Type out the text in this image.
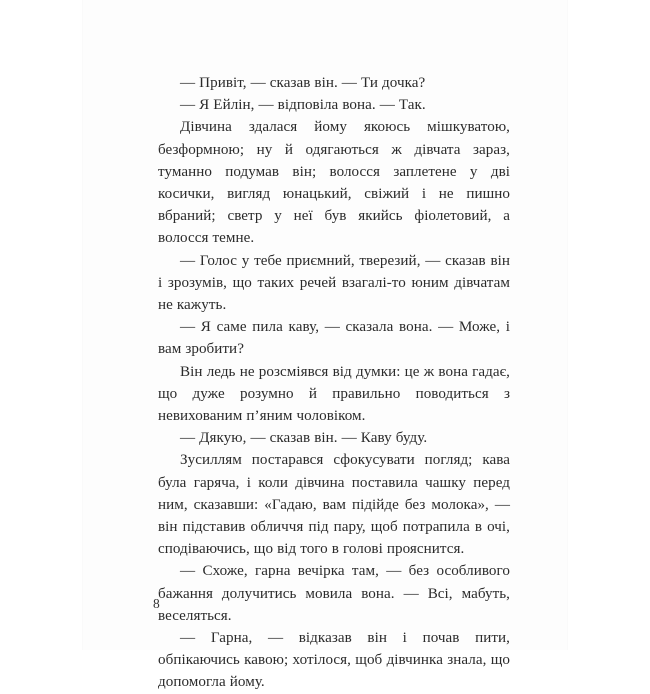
— Привіт, — сказав він. — Ти дочка?

— Я Ейлін, — відповіла вона. — Так.

Дівчина здалася йому якоюсь мішкуватою, безформною; ну й одягаються ж дівчата зараз, туманно подумав він; волосся заплетене у дві косички, вигляд юнацький, свіжий і не пишно вбраний; светр у неї був якийсь фіолетовий, а волосся темне.

— Голос у тебе приємний, тверезий, — сказав він і зрозумів, що таких речей взагалі-то юним дівчатам не кажуть.

— Я саме пила каву, — сказала вона. — Може, і вам зробити?

Він ледь не розсміявся від думки: це ж вона гадає, що дуже розумно й правильно поводиться з невихованим п’яним чоловіком.

— Дякую, — сказав він. — Каву буду.

Зусиллям постарався сфокусувати погляд; кава була гаряча, і коли дівчина поставила чашку перед ним, сказавши: «Гадаю, вам підійде без молока», — він підставив обличчя під пару, щоб потрапила в очі, сподіваючись, що від того в голові прояснится.

— Схоже, гарна вечірка там, — без особливого бажання долучитись мовила вона. — Всі, мабуть, веселяться.

— Гарна, — відказав він і почав пити, обпікаючись кавою; хотілося, щоб дівчинка знала, що допомогла йому.

8
